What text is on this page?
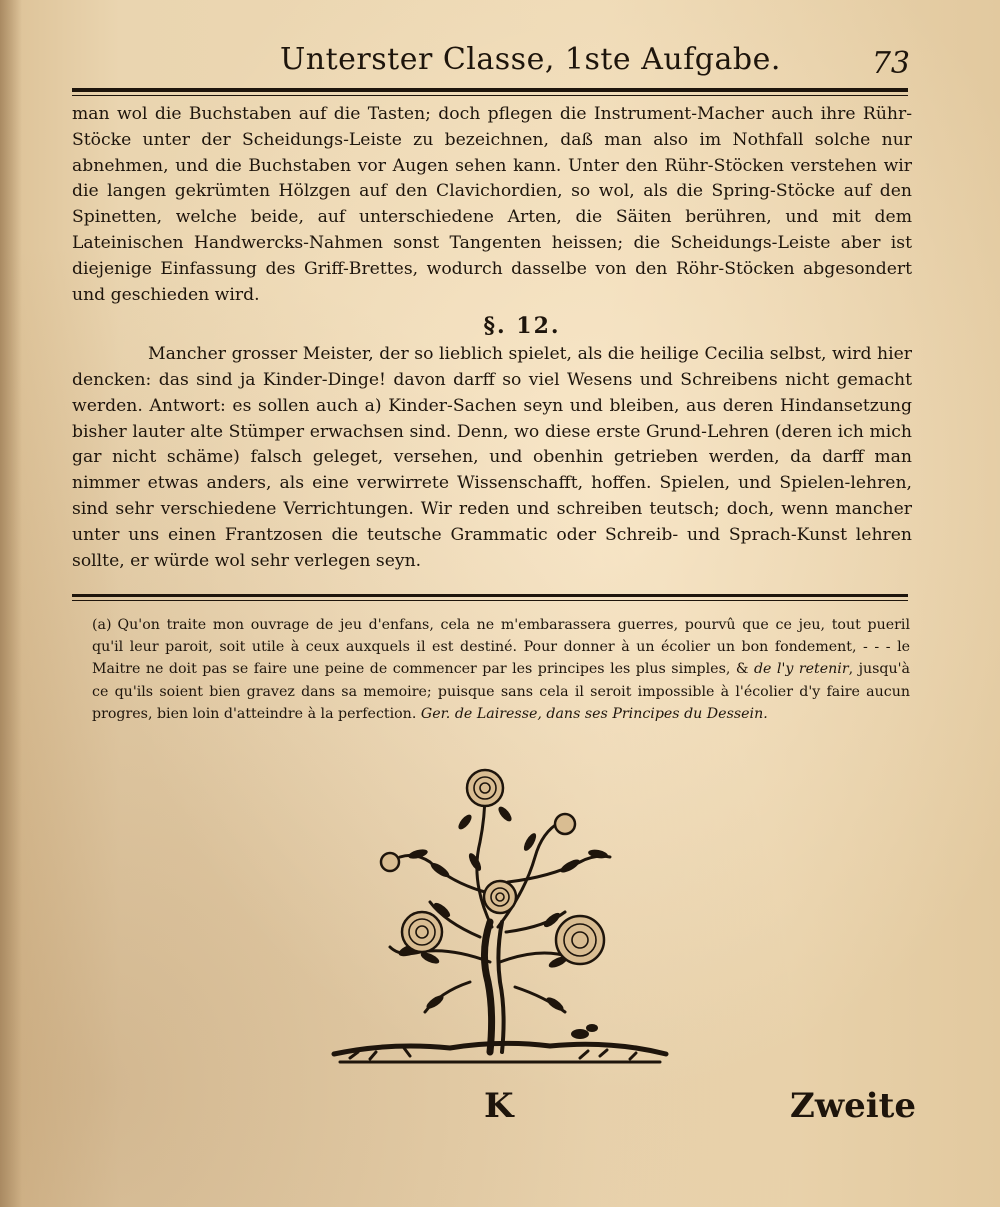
Unterster Classe, 1ste Aufgabe.	73

man wol die Buchstaben auf die Tasten; doch pflegen die Instrument-Macher auch ihre Rühr-Stöcke unter der Scheidungs-Leiste zu bezeichnen, daß man also im Nothfall solche nur abnehmen, und die Buchstaben vor Augen sehen kann. Unter den Rühr-Stöcken verstehen wir die langen gekrümten Hölzgen auf den Clavichordien, so wol, als die Spring-Stöcke auf den Spinetten, welche beide, auf unterschiedene Arten, die Säiten berühren, und mit dem Lateinischen Handwercks-Nahmen sonst Tangenten heissen; die Scheidungs-Leiste aber ist diejenige Einfassung des Griff-Brettes, wodurch dasselbe von den Röhr-Stöcken abgesondert und geschieden wird.

§. 12.

Mancher grosser Meister, der so lieblich spielet, als die heilige Cecilia selbst, wird hier dencken: das sind ja Kinder-Dinge! davon darff so viel Wesens und Schreibens nicht gemacht werden. Antwort: es sollen auch a) Kinder-Sachen seyn und bleiben, aus deren Hindansetzung bisher lauter alte Stümper erwachsen sind. Denn, wo diese erste Grund-Lehren (deren ich mich gar nicht schäme) falsch geleget, versehen, und obenhin getrieben werden, da darff man nimmer etwas anders, als eine verwirrete Wissenschafft, hoffen. Spielen, und Spielen-lehren, sind sehr verschiedene Verrichtungen. Wir reden und schreiben teutsch; doch, wenn mancher unter uns einen Frantzosen die teutsche Grammatic oder Schreib- und Sprach-Kunst lehren sollte, er würde wol sehr verlegen seyn.

(a) Qu'on traite mon ouvrage de jeu d'enfans, cela ne m'embarassera guerres, pourvû que ce jeu, tout pueril qu'il leur paroit, soit utile à ceux auxquels il est destiné. Pour donner à un écolier un bon fondement, - - - le Maitre ne doit pas se faire une peine de commencer par les principes les plus simples, & de l'y retenir, jusqu'à ce qu'ils soient bien gravez dans sa memoire; puisque sans cela il seroit impossible à l'écolier d'y faire aucun progres, bien loin d'atteindre à la perfection. Ger. de Lairesse, dans ses Principes du Dessein.
K	Zweite
